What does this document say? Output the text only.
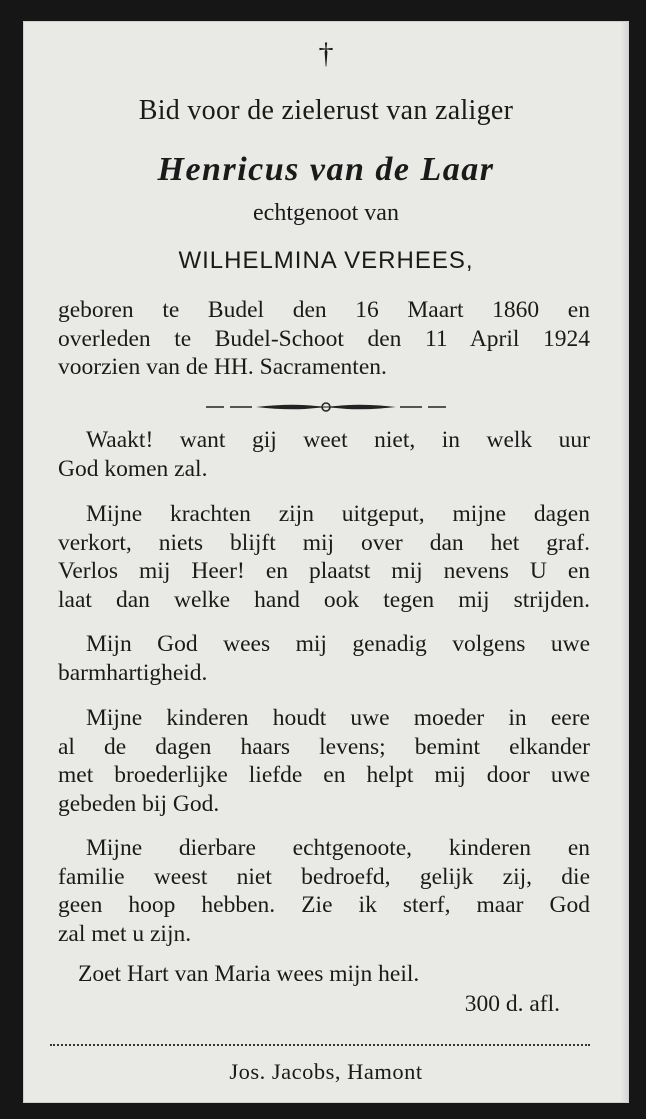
†
Bid voor de zielerust van zaliger
Henricus van de Laar
echtgenoot van
WILHELMINA VERHEES,
geboren te Budel den 16 Maart 1860 en
overleden te Budel-Schoot den 11 April 1924
voorzien van de HH. Sacramenten.
Waakt! want gij weet niet, in welk uur
God komen zal.
Mijne krachten zijn uitgeput, mijne dagen
verkort, niets blijft mij over dan het graf.
Verlos mij Heer! en plaatst mij nevens U en
laat dan welke hand ook tegen mij strijden.
Mijn God wees mij genadig volgens uwe
barmhartigheid.
Mijne kinderen houdt uwe moeder in eere
al de dagen haars levens; bemint elkander
met broederlijke liefde en helpt mij door uwe
gebeden bij God.
Mijne dierbare echtgenoote, kinderen en
familie weest niet bedroefd, gelijk zij, die
geen hoop hebben. Zie ik sterf, maar God
zal met u zijn.
Zoet Hart van Maria wees mijn heil.
300 d. afl.
Jos. Jacobs, Hamont
